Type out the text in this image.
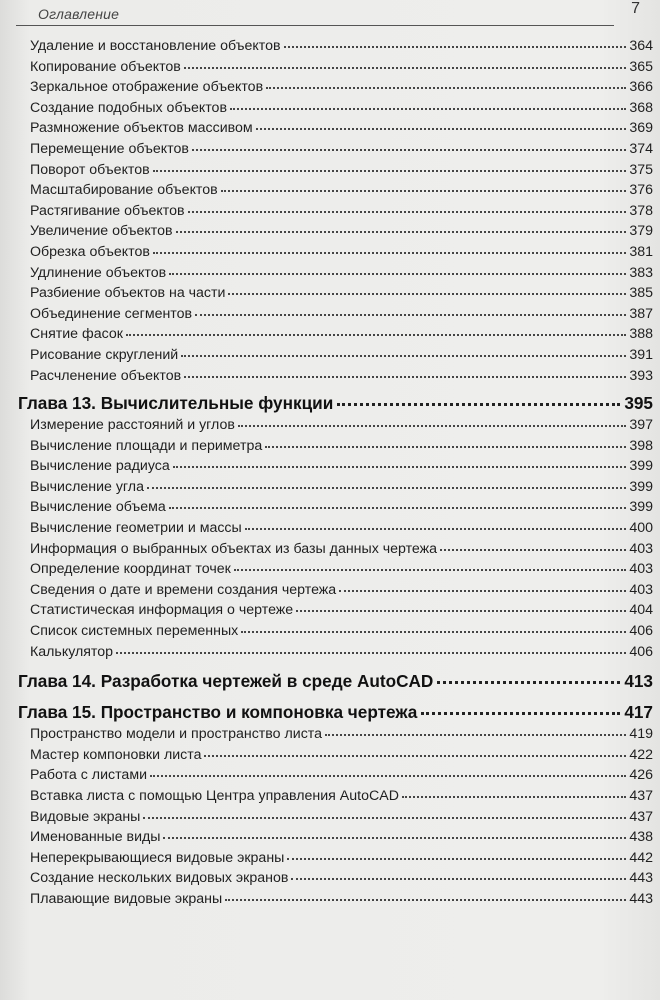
Оглавление	7
Удаление и восстановление объектов	364
Копирование объектов	365
Зеркальное отображение объектов	366
Создание подобных объектов	368
Размножение объектов массивом	369
Перемещение объектов	374
Поворот объектов	375
Масштабирование объектов	376
Растягивание объектов	378
Увеличение объектов	379
Обрезка объектов	381
Удлинение объектов	383
Разбиение объектов на части	385
Объединение сегментов	387
Снятие фасок	388
Рисование скруглений	391
Расчленение объектов	393
Глава 13. Вычислительные функции	395
Измерение расстояний и углов	397
Вычисление площади и периметра	398
Вычисление радиуса	399
Вычисление угла	399
Вычисление объема	399
Вычисление геометрии и массы	400
Информация о выбранных объектах из базы данных чертежа	403
Определение координат точек	403
Сведения о дате и времени создания чертежа	403
Статистическая информация о чертеже	404
Список системных переменных	406
Калькулятор	406
Глава 14. Разработка чертежей в среде AutoCAD	413
Глава 15. Пространство и компоновка чертежа	417
Пространство модели и пространство листа	419
Мастер компоновки листа	422
Работа с листами	426
Вставка листа с помощью Центра управления AutoCAD	437
Видовые экраны	437
Именованные виды	438
Неперекрывающиеся видовые экраны	442
Создание нескольких видовых экранов	443
Плавающие видовые экраны	443
